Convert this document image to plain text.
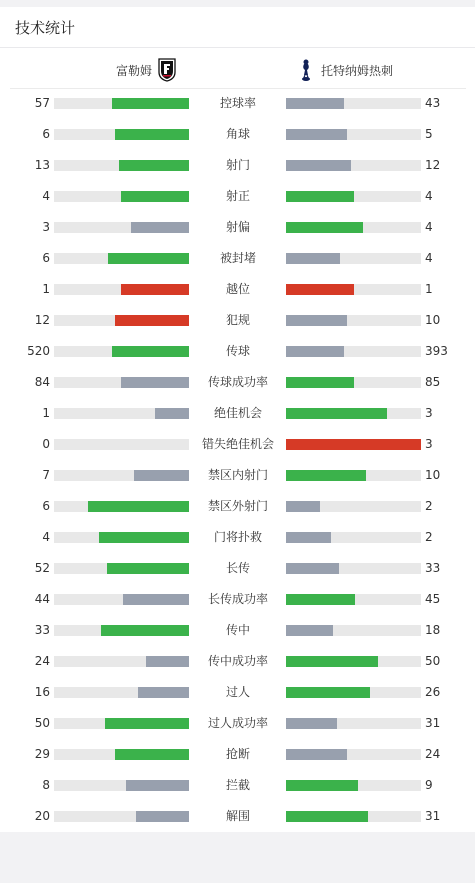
技术统计
富勒姆	托特纳姆热刺
57	控球率	43
6	角球	5
13	射门	12
4	射正	4
3	射偏	4
6	被封堵	4
1	越位	1
12	犯规	10
520	传球	393
84	传球成功率	85
1	绝佳机会	3
0	错失绝佳机会	3
7	禁区内射门	10
6	禁区外射门	2
4	门将扑救	2
52	长传	33
44	长传成功率	45
33	传中	18
24	传中成功率	50
16	过人	26
50	过人成功率	31
29	抢断	24
8	拦截	9
20	解围	31
